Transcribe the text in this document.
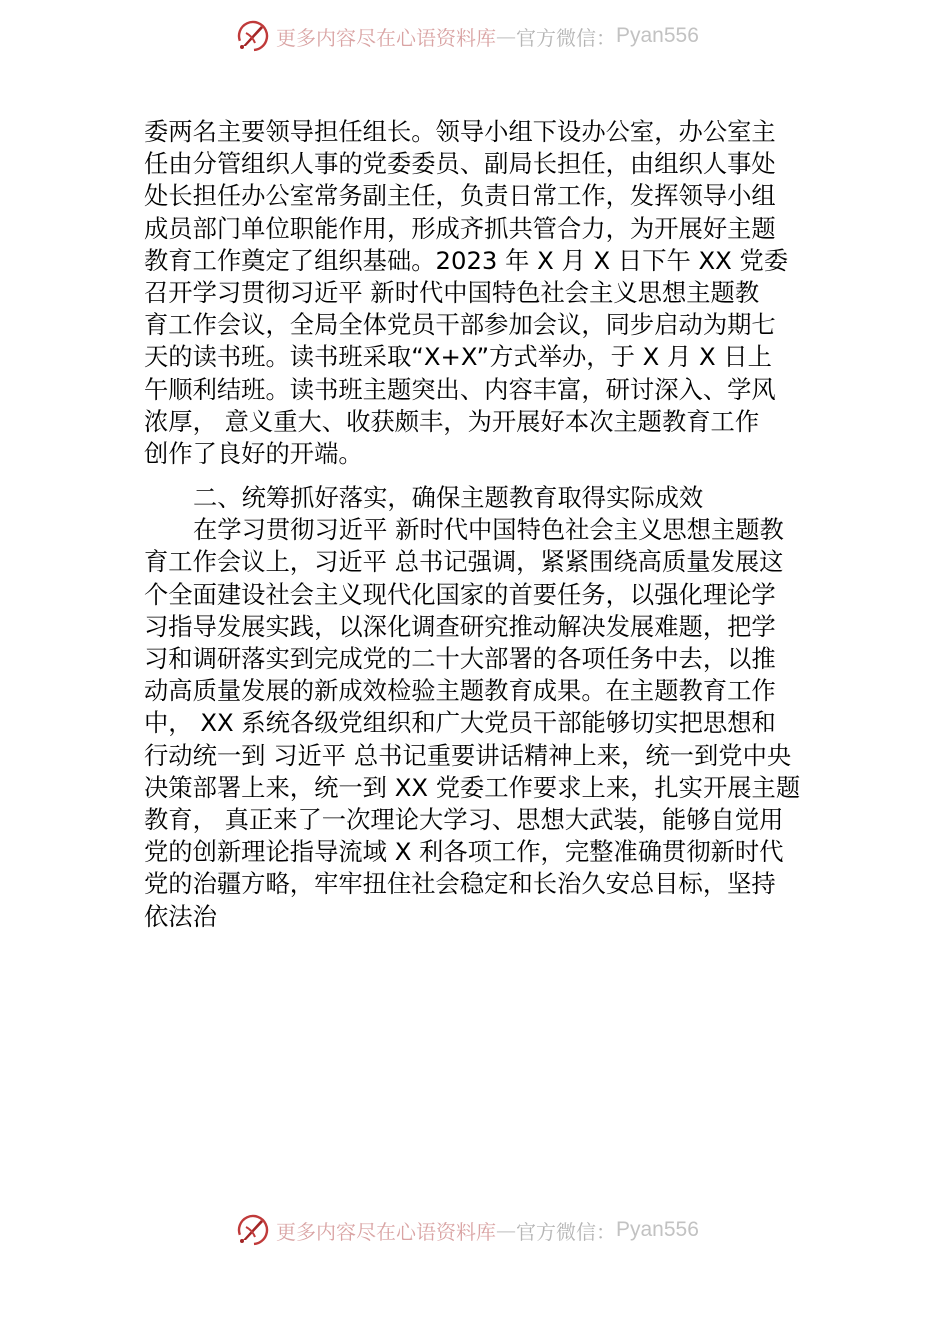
更多内容尽在心语资料库 — 官方微信： Pyan556
委两名主要领导担任组长。领导小组下设办公室，办公室主
任由分管组织人事的党委委员、副局长担任，由组织人事处
处长担任办公室常务副主任，负责日常工作，发挥领导小组
成员部门单位职能作用，形成齐抓共管合力，为开展好主题
教育工作奠定了组织基础。2023 年 X 月 X 日下午 XX 党委
召开学习贯彻习近平 新时代中国特色社会主义思想主题教
育工作会议，全局全体党员干部参加会议，同步启动为期七
天的读书班。读书班采取“X+X”方式举办，于 X 月 X 日上
午顺利结班。读书班主题突出、内容丰富，研讨深入、学风
浓厚， 意义重大、收获颇丰，为开展好本次主题教育工作
创作了良好的开端。
二、统筹抓好落实，确保主题教育取得实际成效
在学习贯彻习近平 新时代中国特色社会主义思想主题教
育工作会议上，习近平 总书记强调，紧紧围绕高质量发展这
个全面建设社会主义现代化国家的首要任务，以强化理论学
习指导发展实践，以深化调查研究推动解决发展难题，把学
习和调研落实到完成党的二十大部署的各项任务中去，以推
动高质量发展的新成效检验主题教育成果。在主题教育工作
中， XX 系统各级党组织和广大党员干部能够切实把思想和
行动统一到 习近平 总书记重要讲话精神上来，统一到党中央
决策部署上来，统一到 XX 党委工作要求上来，扎实开展主题
教育， 真正来了一次理论大学习、思想大武装，能够自觉用
党的创新理论指导流域 X 利各项工作，完整准确贯彻新时代
党的治疆方略，牢牢扭住社会稳定和长治久安总目标，坚持
依法治
更多内容尽在心语资料库 — 官方微信： Pyan556
